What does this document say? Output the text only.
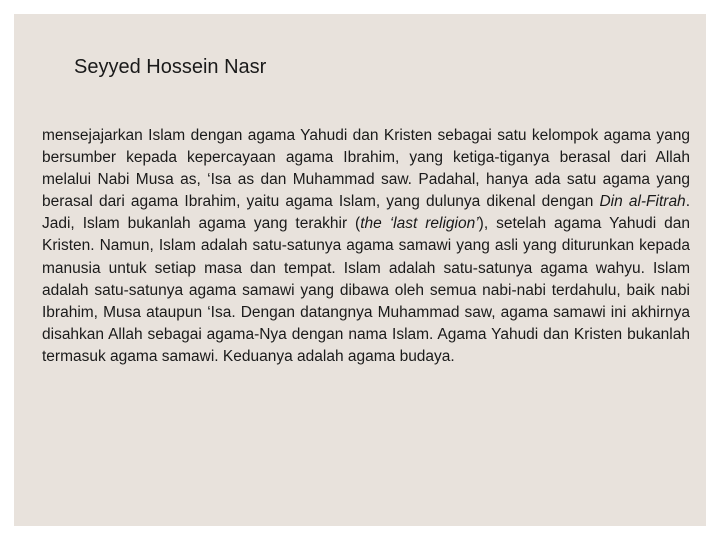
Seyyed Hossein Nasr

mensejajarkan Islam dengan agama Yahudi dan Kristen sebagai satu kelompok agama yang bersumber kepada kepercayaan agama Ibrahim, yang ketiga-tiganya berasal dari Allah melalui Nabi Musa as, ‘Isa as dan Muhammad saw. Padahal, hanya ada satu agama yang berasal dari agama Ibrahim, yaitu agama Islam, yang dulunya dikenal dengan Din al-Fitrah. Jadi, Islam bukanlah agama yang terakhir (the ‘last religion’), setelah agama Yahudi dan Kristen. Namun, Islam adalah satu-satunya agama samawi yang asli yang diturunkan kepada manusia untuk setiap masa dan tempat. Islam adalah satu-satunya agama wahyu. Islam adalah satu-satunya agama samawi yang dibawa oleh semua nabi-nabi terdahulu, baik nabi Ibrahim, Musa ataupun ‘Isa. Dengan datangnya Muhammad saw, agama samawi ini akhirnya disahkan Allah sebagai agama-Nya dengan nama Islam. Agama Yahudi dan Kristen bukanlah termasuk agama samawi. Keduanya adalah agama budaya.
